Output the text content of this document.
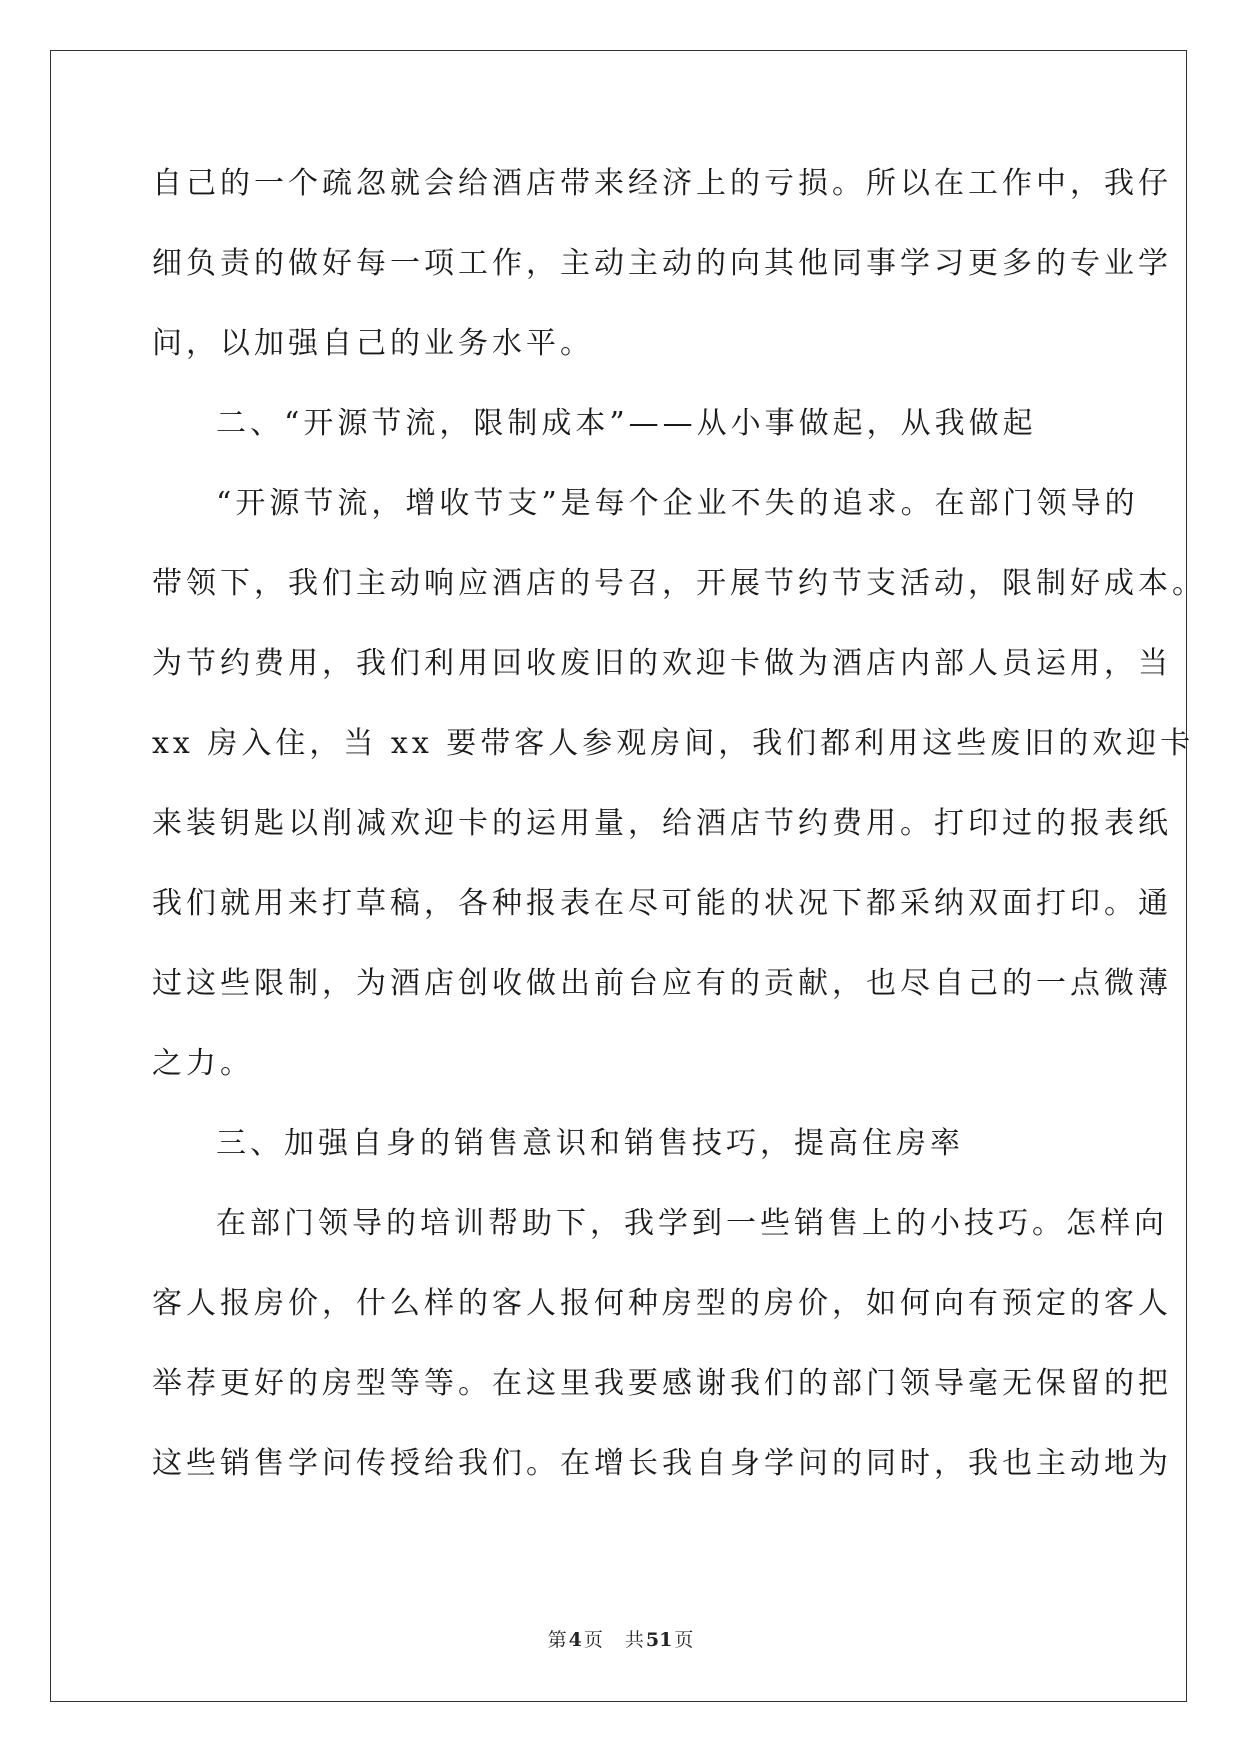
自己的一个疏忽就会给酒店带来经济上的亏损。所以在工作中，我仔
细负责的做好每一项工作，主动主动的向其他同事学习更多的专业学
问，以加强自己的业务水平。
二、“开源节流，限制成本”——从小事做起，从我做起
“开源节流，增收节支”是每个企业不失的追求。在部门领导的
带领下，我们主动响应酒店的号召，开展节约节支活动，限制好成本。
为节约费用，我们利用回收废旧的欢迎卡做为酒店内部人员运用，当
xx 房入住，当 xx 要带客人参观房间，我们都利用这些废旧的欢迎卡
来装钥匙以削减欢迎卡的运用量，给酒店节约费用。打印过的报表纸
我们就用来打草稿，各种报表在尽可能的状况下都采纳双面打印。通
过这些限制，为酒店创收做出前台应有的贡献，也尽自己的一点微薄
之力。
三、加强自身的销售意识和销售技巧，提高住房率
在部门领导的培训帮助下，我学到一些销售上的小技巧。怎样向
客人报房价，什么样的客人报何种房型的房价，如何向有预定的客人
举荐更好的房型等等。在这里我要感谢我们的部门领导毫无保留的把
这些销售学问传授给我们。在增长我自身学问的同时，我也主动地为
第 4 页 共 51 页
